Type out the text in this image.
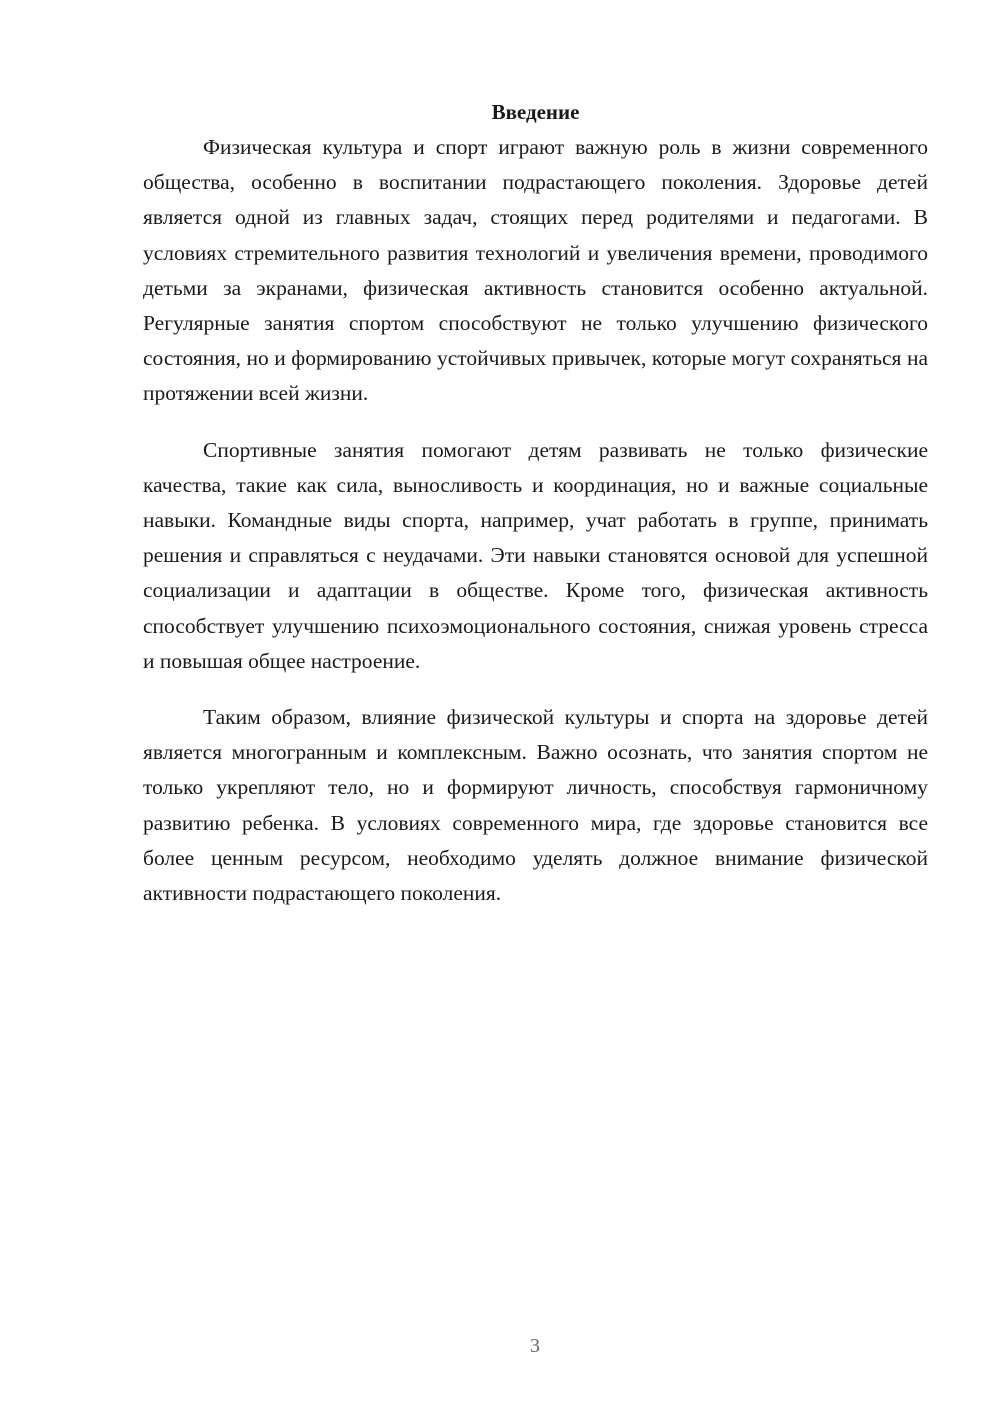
Введение

Физическая культура и спорт играют важную роль в жизни современного общества, особенно в воспитании подрастающего поколения. Здоровье детей является одной из главных задач, стоящих перед родителями и педагогами. В условиях стремительного развития технологий и увеличения времени, проводимого детьми за экранами, физическая активность становится особенно актуальной. Регулярные занятия спортом способствуют не только улучшению физического состояния, но и формированию устойчивых привычек, которые могут сохраняться на протяжении всей жизни.

Спортивные занятия помогают детям развивать не только физические качества, такие как сила, выносливость и координация, но и важные социальные навыки. Командные виды спорта, например, учат работать в группе, принимать решения и справляться с неудачами. Эти навыки становятся основой для успешной социализации и адаптации в обществе. Кроме того, физическая активность способствует улучшению психоэмоционального состояния, снижая уровень стресса и повышая общее настроение.

Таким образом, влияние физической культуры и спорта на здоровье детей является многогранным и комплексным. Важно осознать, что занятия спортом не только укрепляют тело, но и формируют личность, способствуя гармоничному развитию ребенка. В условиях современного мира, где здоровье становится все более ценным ресурсом, необходимо уделять должное внимание физической активности подрастающего поколения.

3
